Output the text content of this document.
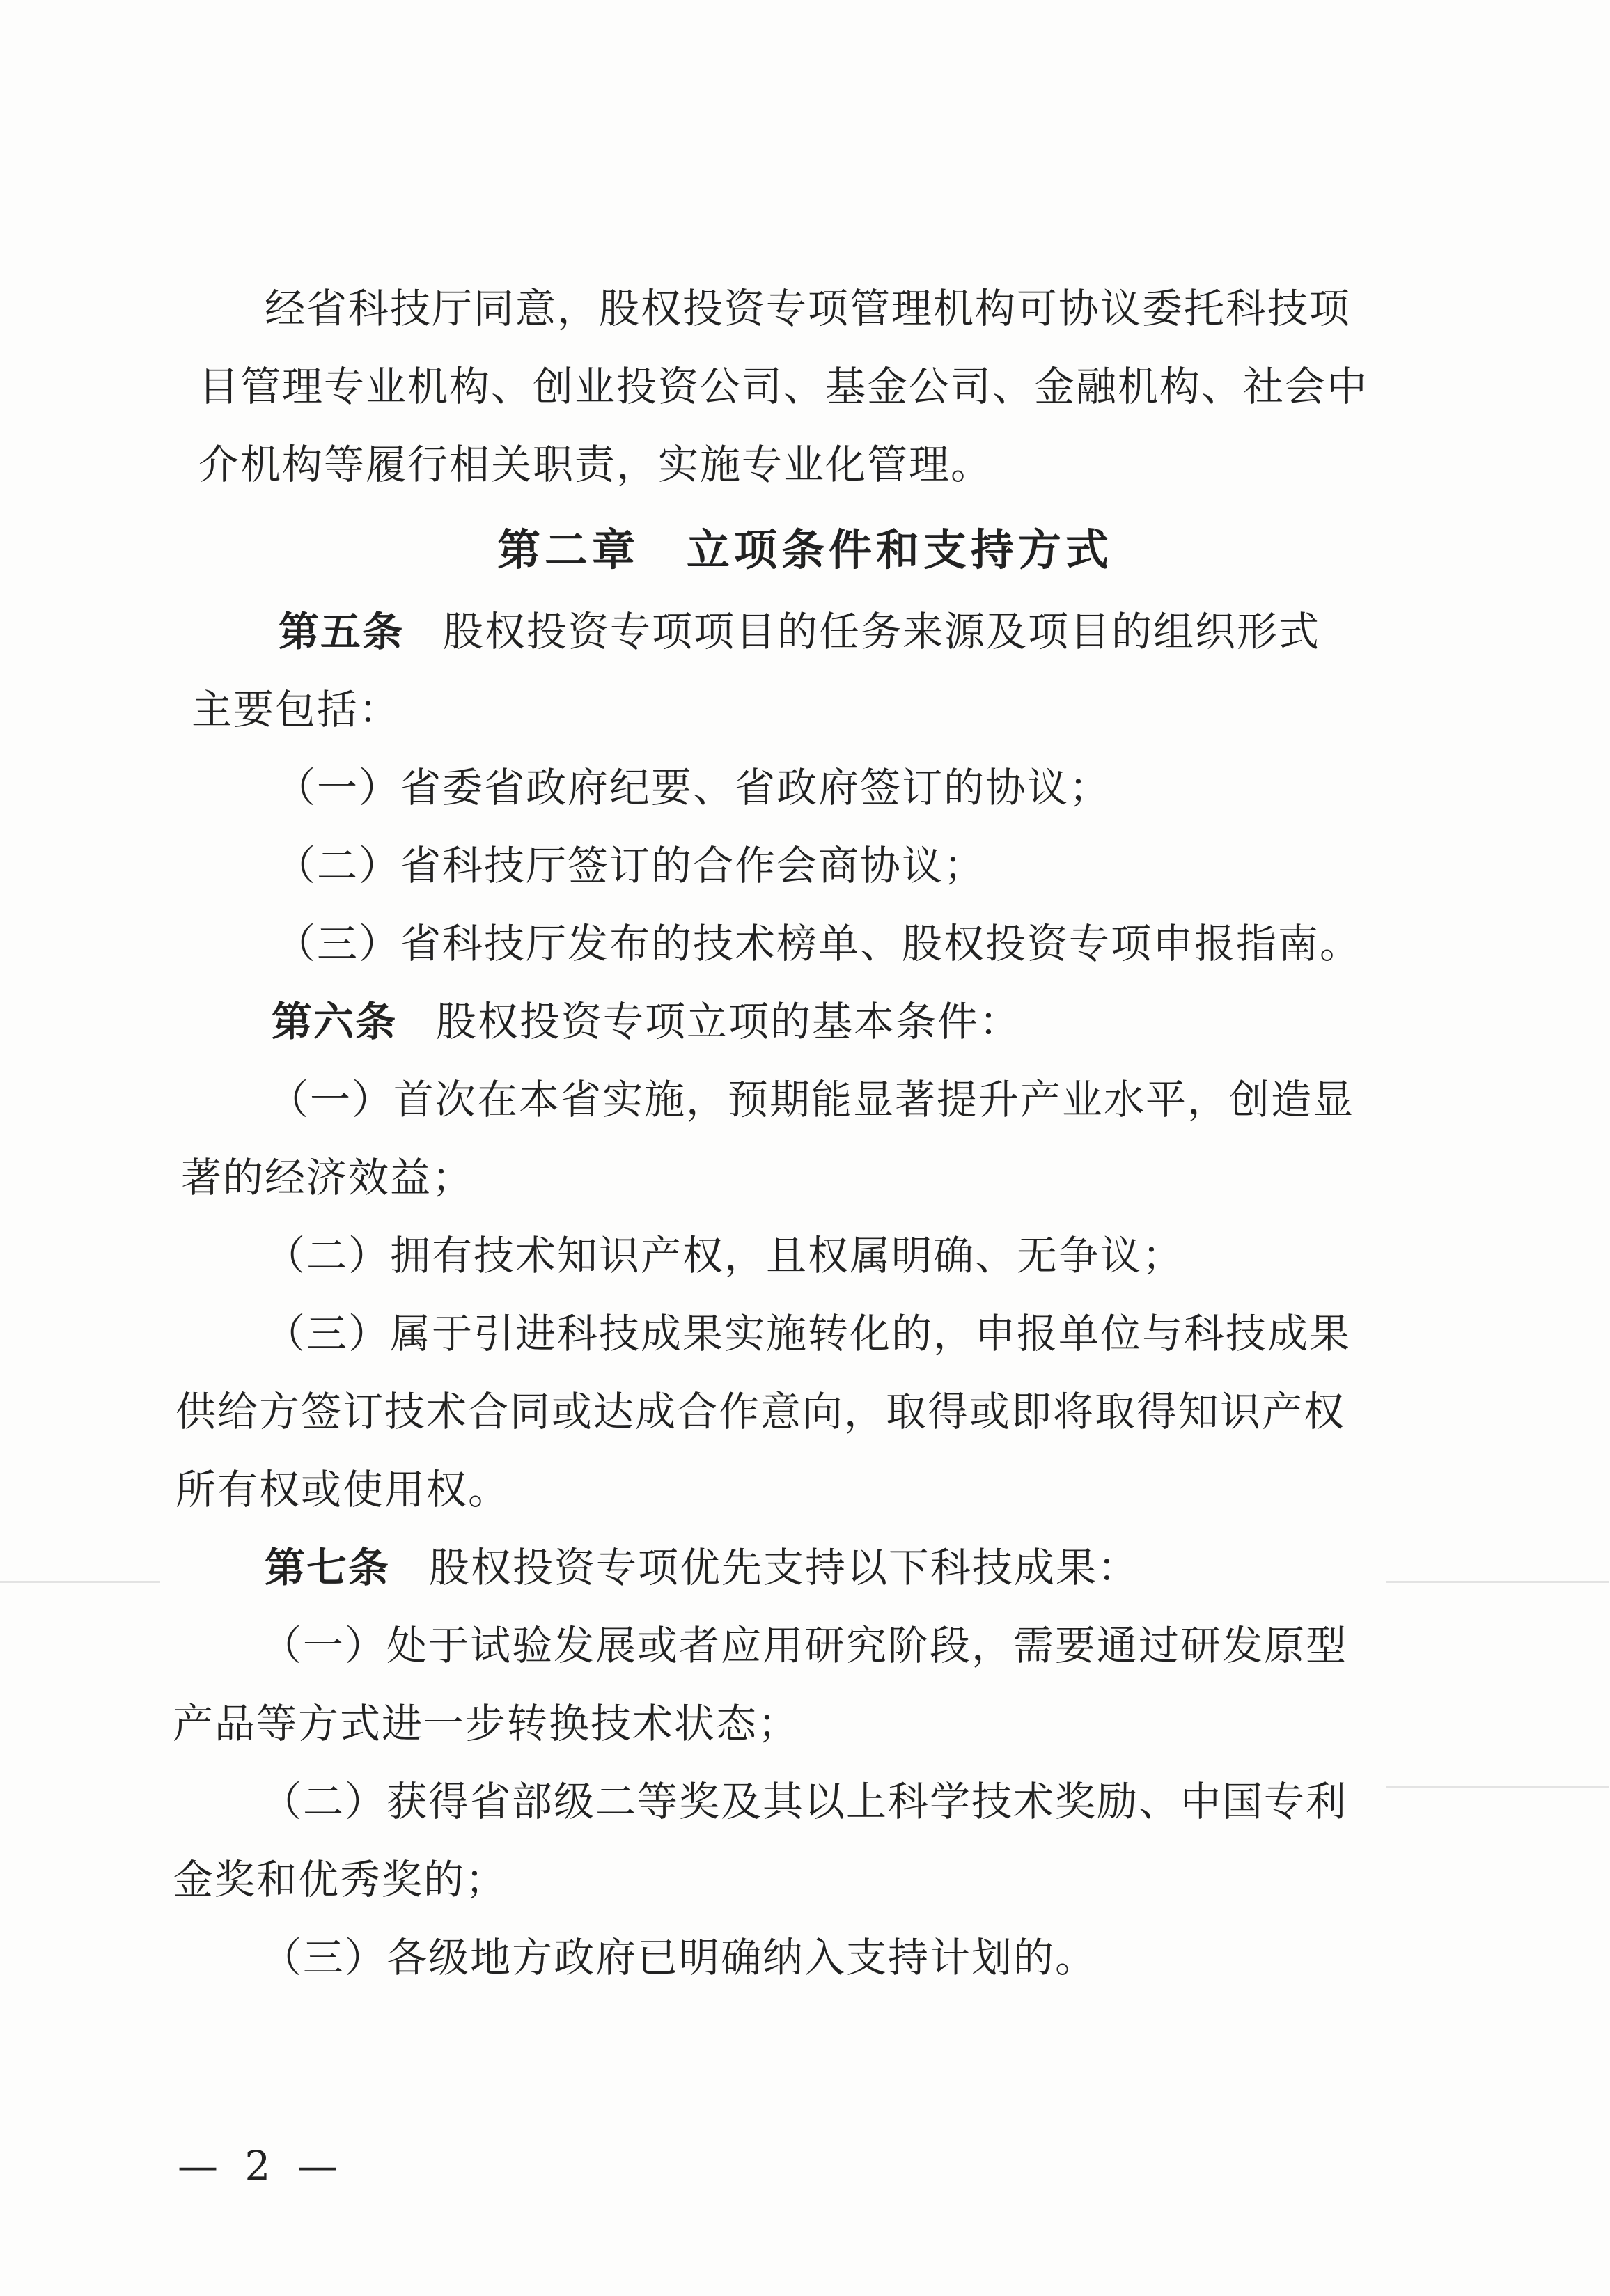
经省科技厅同意，股权投资专项管理机构可协议委托科技项
目管理专业机构、创业投资公司、基金公司、金融机构、社会中
介机构等履行相关职责，实施专业化管理。
第二章　立项条件和支持方式
第五条 股权投资专项项目的任务来源及项目的组织形式
主要包括：
（一）省委省政府纪要、省政府签订的协议；
（二）省科技厅签订的合作会商协议；
（三）省科技厅发布的技术榜单、股权投资专项申报指南。
第六条 股权投资专项立项的基本条件：
（一）首次在本省实施，预期能显著提升产业水平，创造显
著的经济效益；
（二）拥有技术知识产权，且权属明确、无争议；
（三）属于引进科技成果实施转化的，申报单位与科技成果
供给方签订技术合同或达成合作意向，取得或即将取得知识产权
所有权或使用权。
第七条 股权投资专项优先支持以下科技成果：
（一）处于试验发展或者应用研究阶段，需要通过研发原型
产品等方式进一步转换技术状态；
（二）获得省部级二等奖及其以上科学技术奖励、中国专利
金奖和优秀奖的；
（三）各级地方政府已明确纳入支持计划的。
— 2 —
